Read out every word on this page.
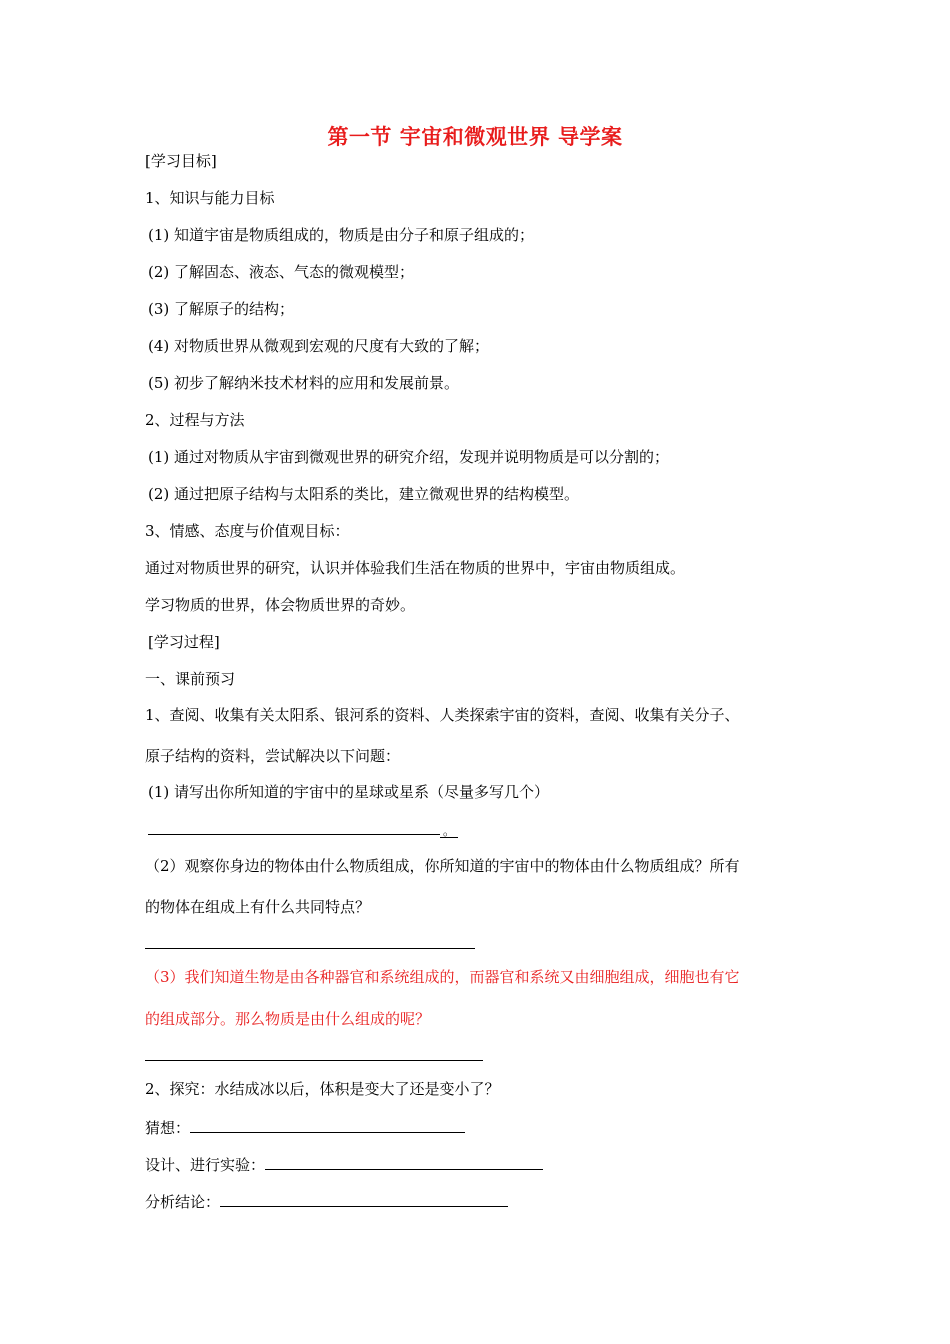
第一节 宇宙和微观世界 导学案
[学习目标]
1、知识与能力目标
(1) 知道宇宙是物质组成的，物质是由分子和原子组成的；
(2) 了解固态、液态、气态的微观模型；
(3) 了解原子的结构；
(4) 对物质世界从微观到宏观的尺度有大致的了解；
(5) 初步了解纳米技术材料的应用和发展前景。
2、过程与方法
(1) 通过对物质从宇宙到微观世界的研究介绍，发现并说明物质是可以分割的；
(2) 通过把原子结构与太阳系的类比，建立微观世界的结构模型。
3、情感、态度与价值观目标：
通过对物质世界的研究，认识并体验我们生活在物质的世界中，宇宙由物质组成。
学习物质的世界，体会物质世界的奇妙。
[学习过程]
一、课前预习
1、查阅、收集有关太阳系、银河系的资料、人类探索宇宙的资料，查阅、收集有关分子、
原子结构的资料，尝试解决以下问题：
(1) 请写出你所知道的宇宙中的星球或星系（尽量多写几个）
。
（2）观察你身边的物体由什么物质组成，你所知道的宇宙中的物体由什么物质组成？所有
的物体在组成上有什么共同特点？
（3）我们知道生物是由各种器官和系统组成的，而器官和系统又由细胞组成，细胞也有它
的组成部分。那么物质是由什么组成的呢？
2、探究：水结成冰以后，体积是变大了还是变小了？
猜想：
设计、进行实验：
分析结论：
